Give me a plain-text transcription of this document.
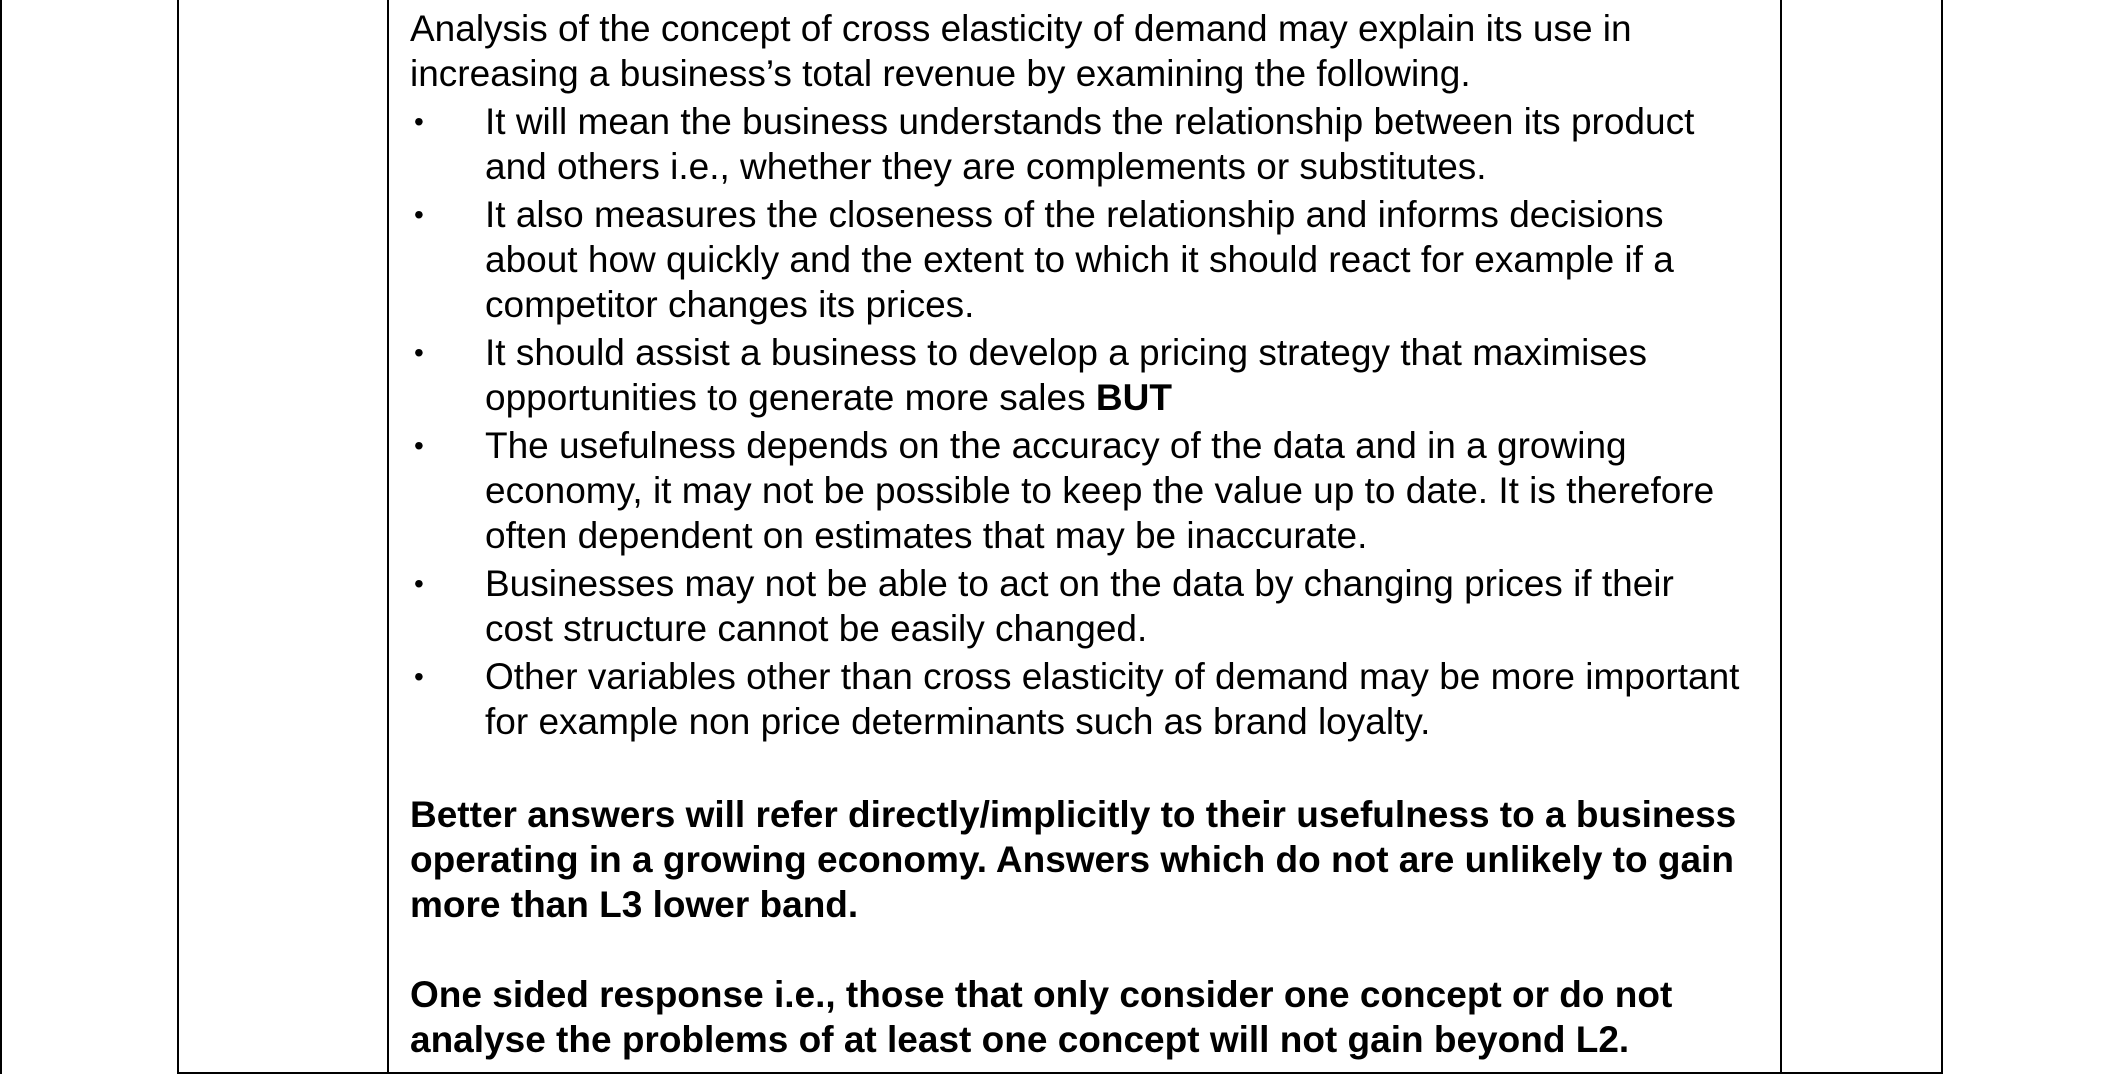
Analysis of the concept of cross elasticity of demand may explain its use in increasing a business’s total revenue by examining the following.

• It will mean the business understands the relationship between its product and others i.e., whether they are complements or substitutes.
• It also measures the closeness of the relationship and informs decisions about how quickly and the extent to which it should react for example if a competitor changes its prices.
• It should assist a business to develop a pricing strategy that maximises opportunities to generate more sales BUT
• The usefulness depends on the accuracy of the data and in a growing economy, it may not be possible to keep the value up to date. It is therefore often dependent on estimates that may be inaccurate.
• Businesses may not be able to act on the data by changing prices if their cost structure cannot be easily changed.
• Other variables other than cross elasticity of demand may be more important for example non price determinants such as brand loyalty.

Better answers will refer directly/implicitly to their usefulness to a business operating in a growing economy. Answers which do not are unlikely to gain more than L3 lower band.

One sided response i.e., those that only consider one concept or do not analyse the problems of at least one concept will not gain beyond L2.
